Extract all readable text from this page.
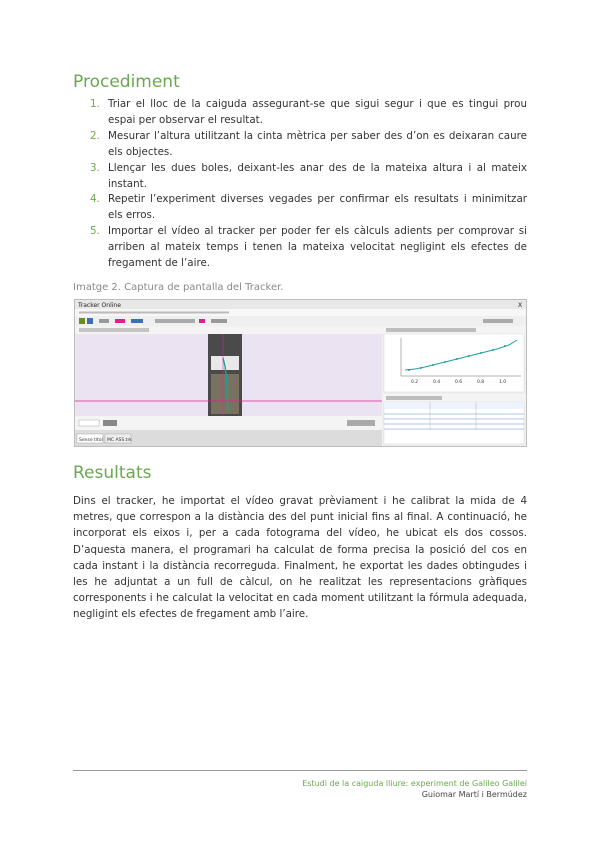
Procediment
1. Triar el lloc de la caiguda assegurant-se que sigui segur i que es tingui prou espai per observar el resultat.
2. Mesurar l’altura utilitzant la cinta mètrica per saber des d’on es deixaran caure els objectes.
3. Llençar les dues boles, deixant-les anar des de la mateixa altura i al mateix instant.
4. Repetir l’experiment diverses vegades per confirmar els resultats i minimitzar els erros.
5. Importar el vídeo al tracker per poder fer els càlculs adients per comprovar si arriben al mateix temps i tenen la mateixa velocitat negligint els efectes de fregament de l’aire.
Imatge 2. Captura de pantalla del Tracker.
Tracker Online	X
Sense títol MC ASS.trk
0.2	0.4	0.6	0.8	1.0
Resultats

Dins el tracker, he importat el vídeo gravat prèviament i he calibrat la mida de 4 metres, que correspon a la distància des del punt inicial fins al final. A continuació, he incorporat els eixos i, per a cada fotograma del vídeo, he ubicat els dos cossos. D’aquesta manera, el programari ha calculat de forma precisa la posició del cos en cada instant i la distància recorreguda. Finalment, he exportat les dades obtingudes i les he adjuntat a un full de càlcul, on he realitzat les representacions gràfiques corresponents i he calculat la velocitat en cada moment utilitzant la fórmula adequada, negligint els efectes de fregament amb l’aire.

Estudi de la caiguda lliure: experiment de Galileo Galilei
Guiomar Martí i Bermúdez
